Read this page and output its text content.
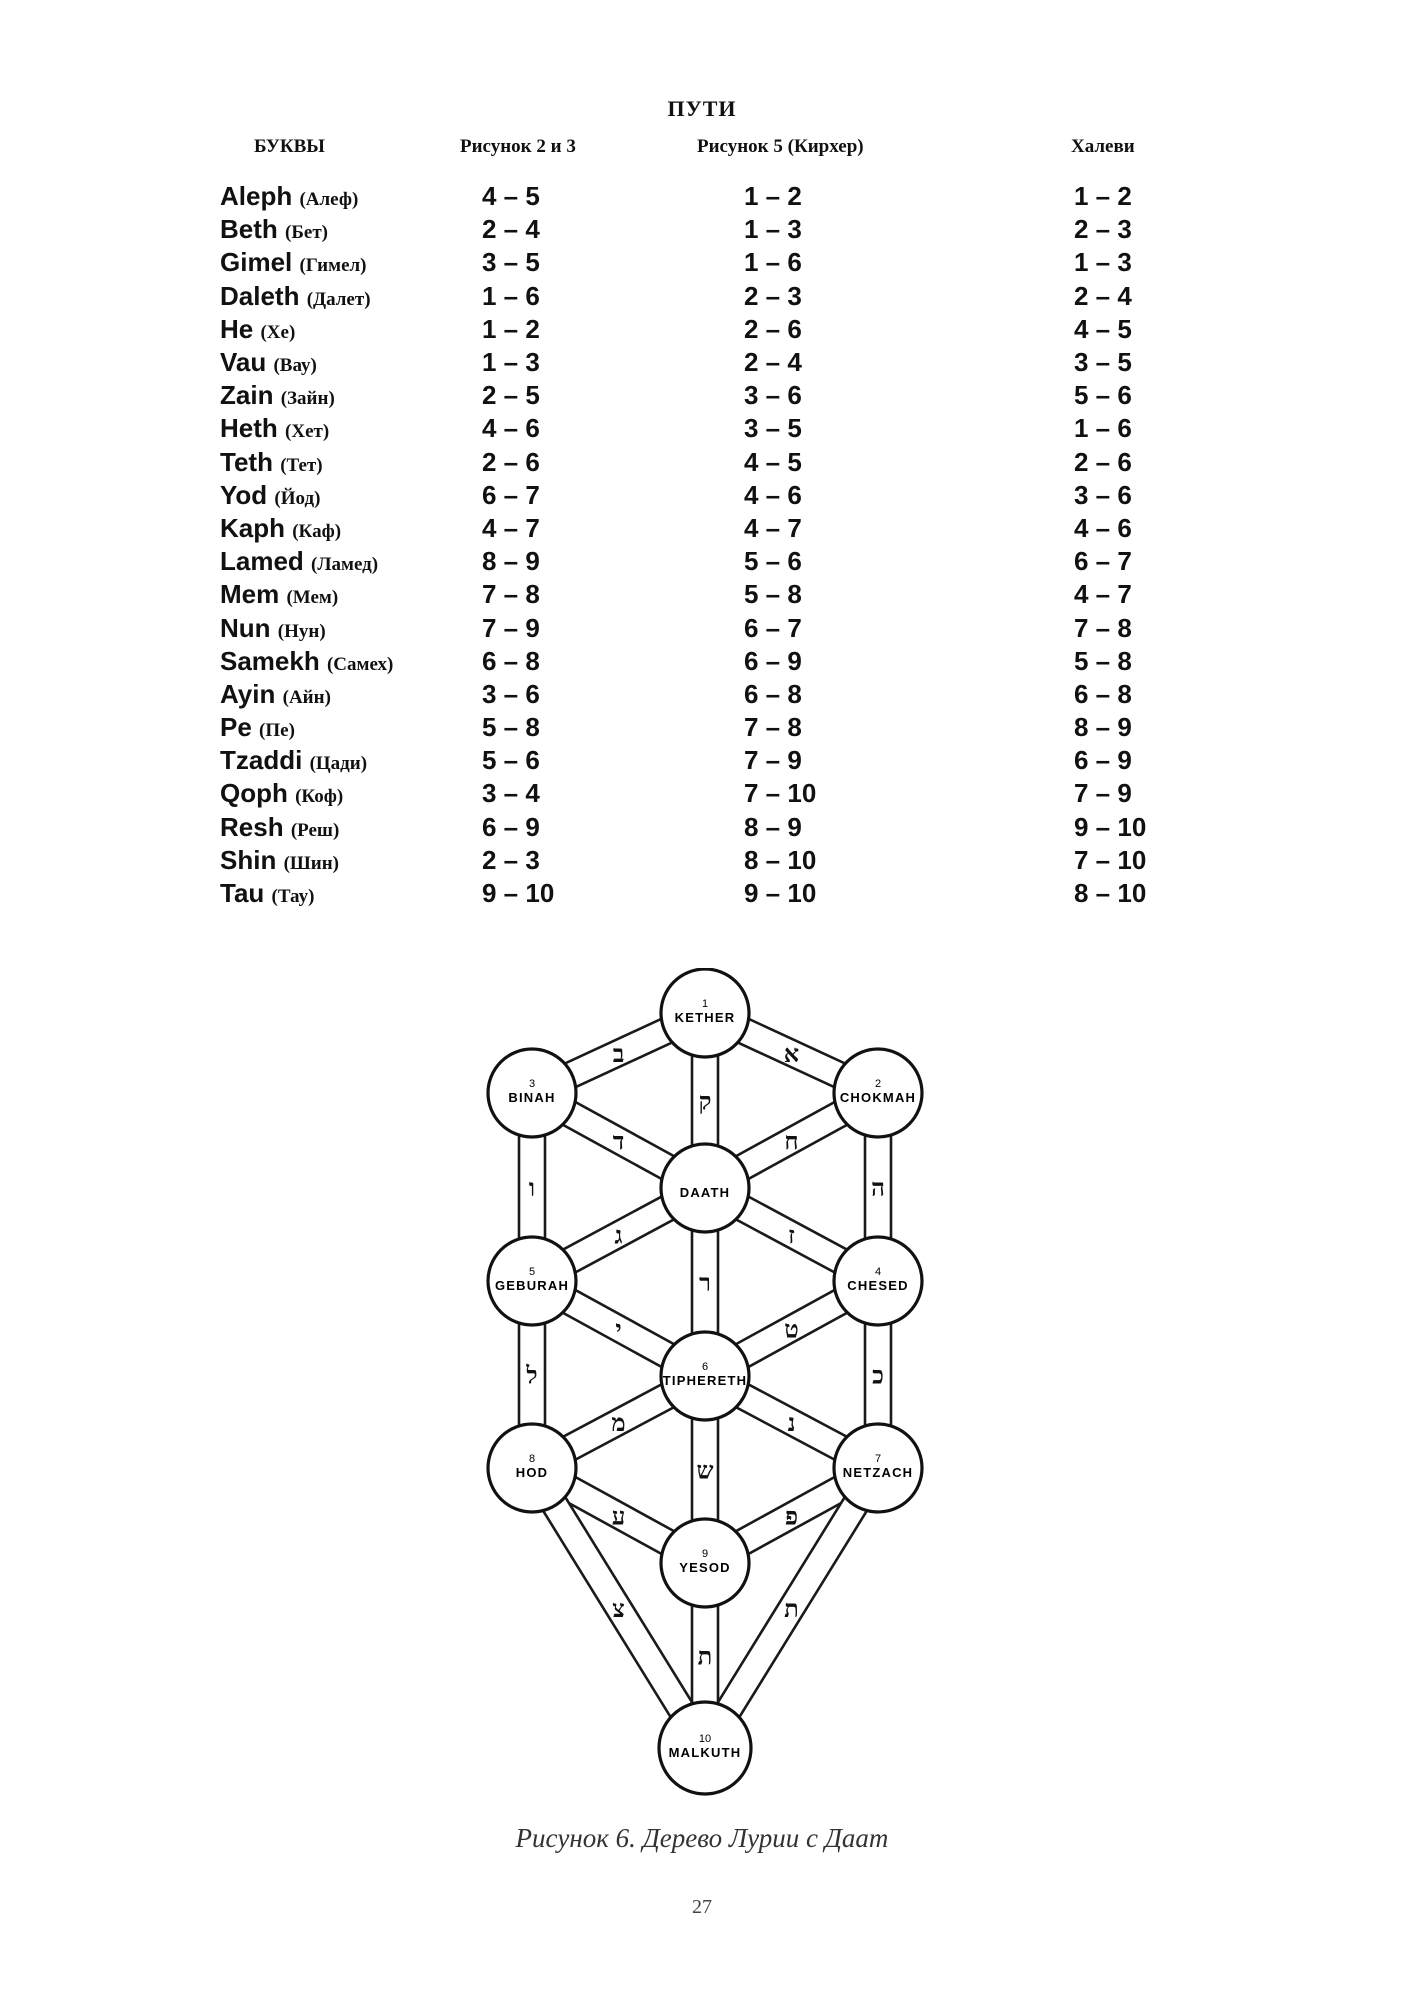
ПУТИ
БУКВЫ	Рисунок 2 и 3	Рисунок 5 (Кирхер)	Халеви
Aleph (Алеф)	4 – 5	1 – 2	1 – 2
Beth (Бет)	2 – 4	1 – 3	2 – 3
Gimel (Гимел)	3 – 5	1 – 6	1 – 3
Daleth (Далет)	1 – 6	2 – 3	2 – 4
He (Хе)	1 – 2	2 – 6	4 – 5
Vau (Вау)	1 – 3	2 – 4	3 – 5
Zain (Зайн)	2 – 5	3 – 6	5 – 6
Heth (Хет)	4 – 6	3 – 5	1 – 6
Teth (Тет)	2 – 6	4 – 5	2 – 6
Yod (Йод)	6 – 7	4 – 6	3 – 6
Kaph (Каф)	4 – 7	4 – 7	4 – 6
Lamed (Ламед)	8 – 9	5 – 6	6 – 7
Mem (Мем)	7 – 8	5 – 8	4 – 7
Nun (Нун)	7 – 9	6 – 7	7 – 8
Samekh (Самех)	6 – 8	6 – 9	5 – 8
Ayin (Айн)	3 – 6	6 – 8	6 – 8
Pe (Пе)	5 – 8	7 – 8	8 – 9
Tzaddi (Цади)	5 – 6	7 – 9	6 – 9
Qoph (Коф)	3 – 4	7 – 10	7 – 9
Resh (Реш)	6 – 9	8 – 9	9 – 10
Shin (Шин)	2 – 3	8 – 10	7 – 10
Tau (Тау)	9 – 10	9 – 10	8 – 10
ב	א
ק
ד
ג
ו	ה
ח
ז
ר
י	ט
ל	כ
מ	נ
ש
ע	פ
צ
ת
ת
1
KETHER
2
CHOKMAH
3
BINAH
DAATH
4
CHESED
5
GEBURAH
6
TIPHERETH
7
NETZACH
8
HOD
9
YESOD
10
MALKUTH
Рисунок 6. Дерево Лурии с Даат
27
